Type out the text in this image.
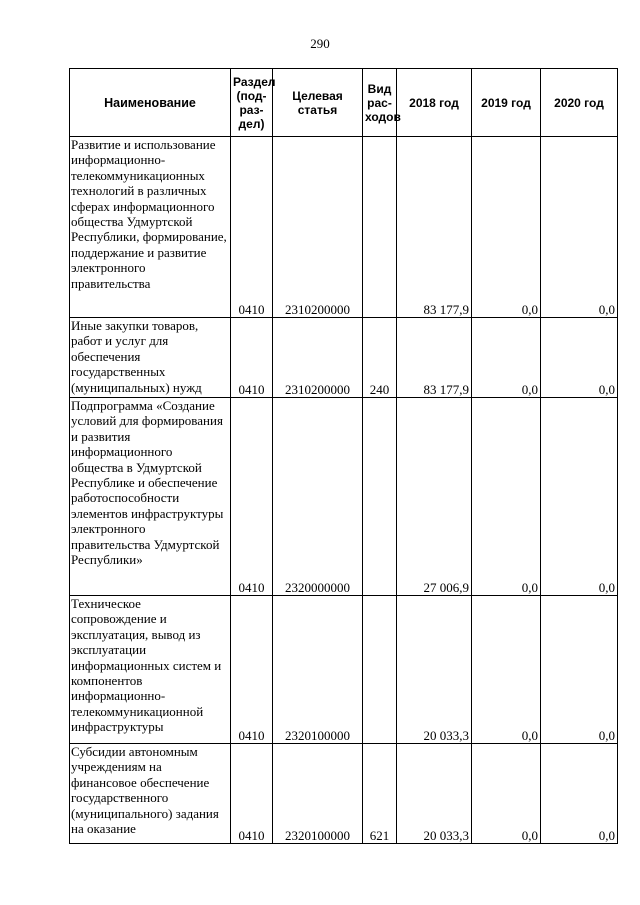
290
Наименование	Раздел (под-раз-дел)	Целевая статья	Вид рас-ходов	2018 год	2019 год	2020 год
Развитие и использование информационно-телекоммуникационных технологий в различных сферах информационного общества Удмуртской Республики, формирование, поддержание и развитие электронного правительства	0410	2310200000		83 177,9	0,0	0,0
Иные закупки товаров, работ и услуг для обеспечения государственных (муниципальных) нужд	0410	2310200000	240	83 177,9	0,0	0,0
Подпрограмма «Создание условий для формирования и развития информационного общества в Удмуртской Республике и обеспечение работоспособности элементов инфраструктуры электронного правительства Удмуртской Республики»	0410	2320000000		27 006,9	0,0	0,0
Техническое сопровождение и эксплуатация, вывод из эксплуатации информационных систем и компонентов информационно-телекоммуникационной инфраструктуры	0410	2320100000		20 033,3	0,0	0,0
Субсидии автономным учреждениям на финансовое обеспечение государственного (муниципального) задания на оказание	0410	2320100000	621	20 033,3	0,0	0,0
